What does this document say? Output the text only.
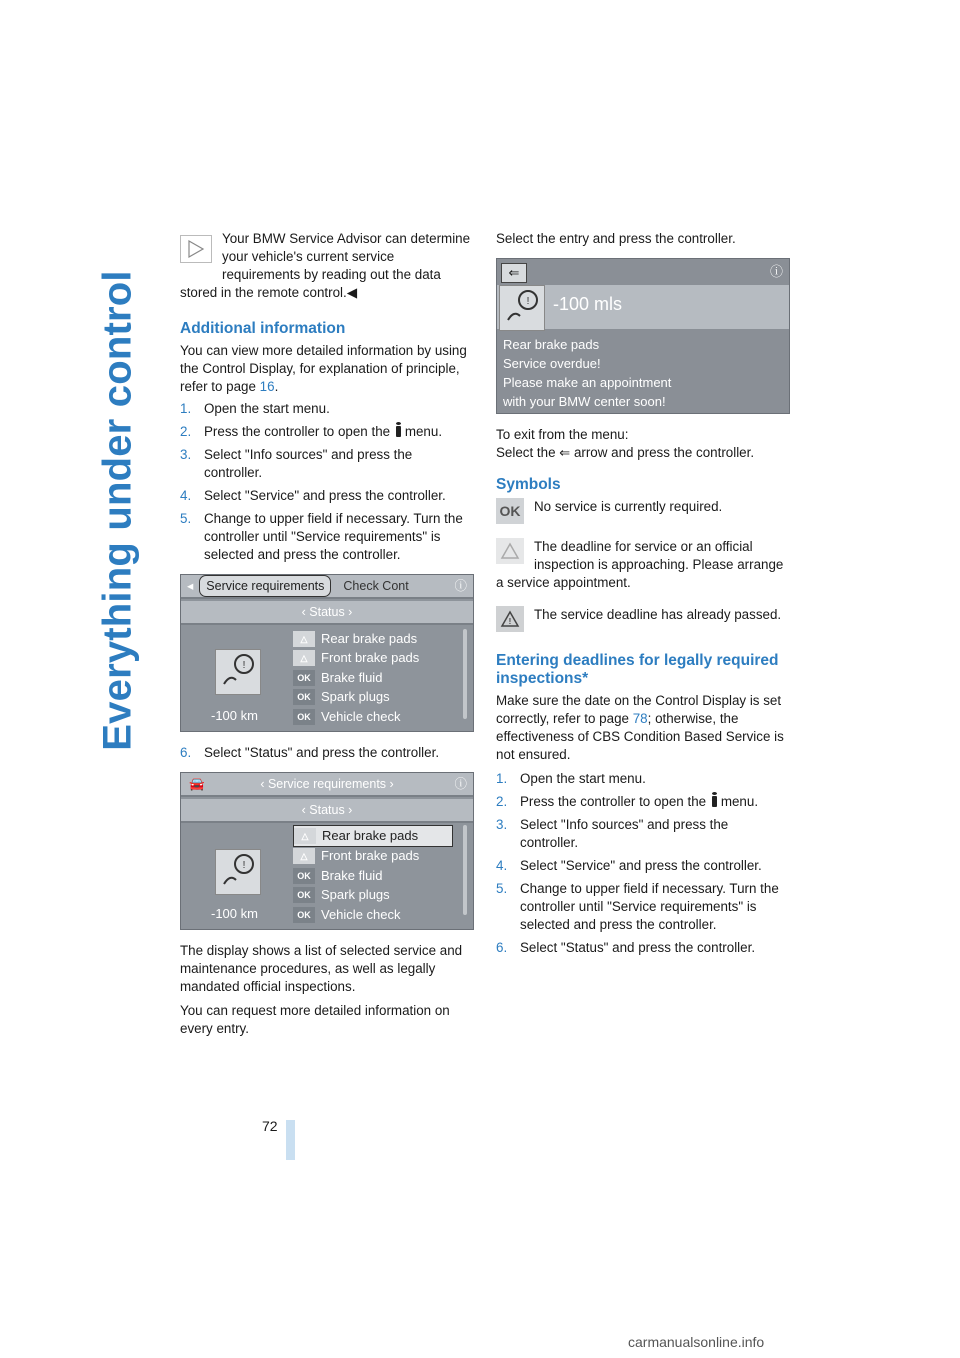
Everything under control

Your BMW Service Advisor can determine your vehicle's current service requirements by reading out the data stored in the remote control.◀

Additional information

You can view more detailed information by using the Control Display, for explanation of principle, refer to page 16.

1. Open the start menu.
2. Press the controller to open the menu.
3. Select "Info sources" and press the controller.
4. Select "Service" and press the controller.
5. Change to upper field if necessary. Turn the controller until "Service requirements" is selected and press the controller.
◂	Service requirements	Check Cont	ⓘ
‹ Status ›
!
-100 km
△	Rear brake pads
△	Front brake pads
OK Brake fluid
OK Spark plugs
OK Vehicle check
6. Select "Status" and press the controller.
🚘	‹ Service requirements ›	ⓘ
‹ Status ›
!
-100 km
△	Rear brake pads
△	Front brake pads
OK Brake fluid
OK Spark plugs
OK Vehicle check

The display shows a list of selected service and maintenance procedures, as well as legally mandated official inspections.

You can request more detailed information on every entry.

Select the entry and press the controller.

⇐	ⓘ
! -100 mls
Rear brake pads
Service overdue!
Please make an appointment
with your BMW center soon!

To exit from the menu:
Select the ⇐ arrow and press the controller.

Symbols
OK	No service is currently required.

The deadline for service or an official inspection is approaching. Please arrange a service appointment.

!	The service deadline has already passed.

Entering deadlines for legally required inspections*

Make sure the date on the Control Display is set correctly, refer to page 78; otherwise, the effectiveness of CBS Condition Based Service is not ensured.

1. Open the start menu.
2. Press the controller to open the menu.
3. Select "Info sources" and press the controller.
4. Select "Service" and press the controller.
5. Change to upper field if necessary. Turn the controller until "Service requirements" is selected and press the controller.
6. Select "Status" and press the controller.
72
carmanualsonline.info
